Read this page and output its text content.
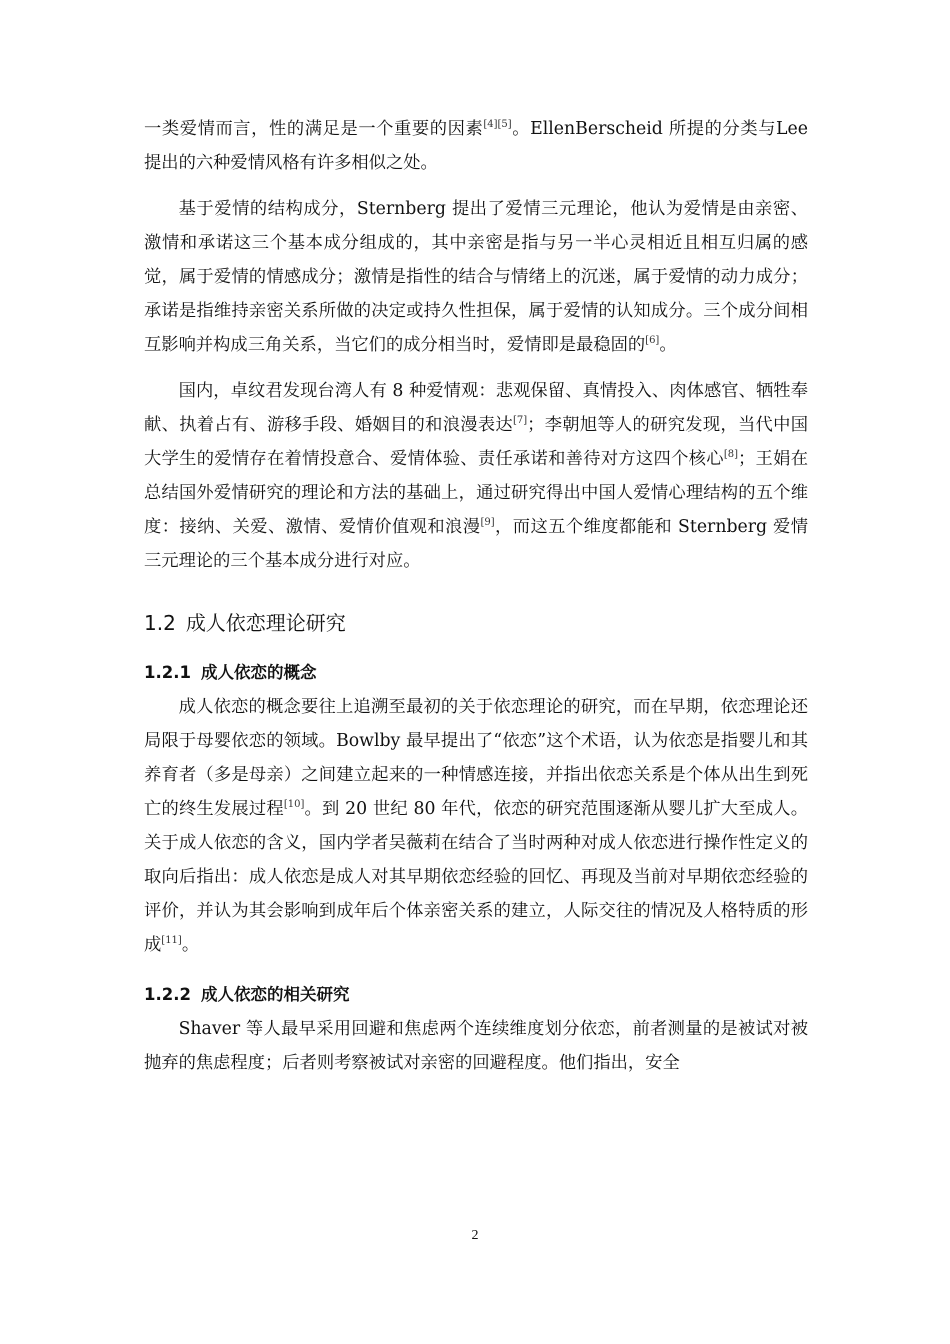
一类爱情而言，性的满足是一个重要的因素[4][5]。EllenBerscheid 所提的分类与Lee 提出的六种爱情风格有许多相似之处。

基于爱情的结构成分，Sternberg 提出了爱情三元理论，他认为爱情是由亲密、激情和承诺这三个基本成分组成的，其中亲密是指与另一半心灵相近且相互归属的感觉，属于爱情的情感成分；激情是指性的结合与情绪上的沉迷，属于爱情的动力成分；承诺是指维持亲密关系所做的决定或持久性担保，属于爱情的认知成分。三个成分间相互影响并构成三角关系，当它们的成分相当时，爱情即是最稳固的[6]。

国内，卓纹君发现台湾人有 8 种爱情观：悲观保留、真情投入、肉体感官、牺牲奉献、执着占有、游移手段、婚姻目的和浪漫表达[7]；李朝旭等人的研究发现，当代中国大学生的爱情存在着情投意合、爱情体验、责任承诺和善待对方这四个核心[8]；王娟在总结国外爱情研究的理论和方法的基础上，通过研究得出中国人爱情心理结构的五个维度：接纳、关爱、激情、爱情价值观和浪漫[9]，而这五个维度都能和 Sternberg 爱情三元理论的三个基本成分进行对应。

1.2 成人依恋理论研究
1.2.1 成人依恋的概念

成人依恋的概念要往上追溯至最初的关于依恋理论的研究，而在早期，依恋理论还局限于母婴依恋的领域。Bowlby 最早提出了“依恋”这个术语，认为依恋是指婴儿和其养育者（多是母亲）之间建立起来的一种情感连接，并指出依恋关系是个体从出生到死亡的终生发展过程[10]。到 20 世纪 80 年代，依恋的研究范围逐渐从婴儿扩大至成人。关于成人依恋的含义，国内学者吴薇莉在结合了当时两种对成人依恋进行操作性定义的取向后指出：成人依恋是成人对其早期依恋经验的回忆、再现及当前对早期依恋经验的评价，并认为其会影响到成年后个体亲密关系的建立，人际交往的情况及人格特质的形成[11]。

1.2.2 成人依恋的相关研究

Shaver 等人最早采用回避和焦虑两个连续维度划分依恋，前者测量的是被试对被抛弃的焦虑程度；后者则考察被试对亲密的回避程度。他们指出，安全

2
